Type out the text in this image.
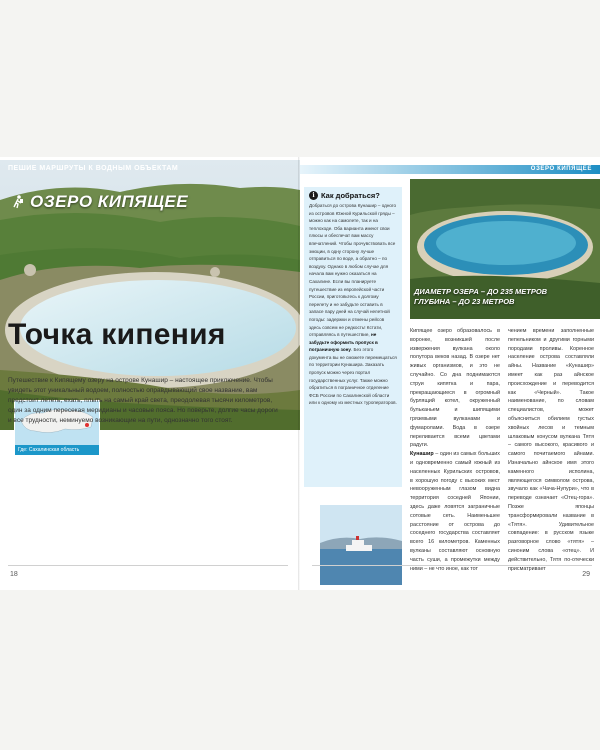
ПЕШИЕ МАРШРУТЫ К ВОДНЫМ ОБЪЕКТАМ
ОЗЕРО КИПЯЩЕЕ
Где: Сахалинская область
Точка кипения
Путешествие к Кипящему озеру на острове Кунашир – настоящее приключение. Чтобы увидеть этот уникальный водоем, полностью оправдывающий свое название, вам предстоит лететь, ехать, плыть на самый край света, преодолевая тысячи километров, один за одним пересекая меридианы и часовые пояса. Но поверьте, долгие часы дороги и все трудности, неминуемо возникающие на пути, однозначно того стоят.
18
ОЗЕРО КИПЯЩЕЕ
i Как добраться?
Добраться до острова Кунашир – одного из островов Южной Курильской гряды – можно как на самолете, так и на теплоходе. Оба варианта имеют свои плюсы и обеспечат вам массу впечатлений. Чтобы прочувствовать все эмоции, в одну сторону лучше отправиться по воде, а обратно – по воздуху. Однако в любом случае для начала вам нужно оказаться на Сахалине. Если вы планируете путешествие из европейской части России, приготовьтесь к долгому перелету и не забудьте оставить в запасе пару дней на случай нелетной погоды: задержки и отмены рейсов здесь совсем не редкость! Кстати, отправляясь в путешествие, не забудьте оформить пропуск в пограничную зону. Без этого документа вы не сможете перемещаться по территории Кунашира. Заказать пропуск можно через портал государственных услуг. Также можно обратиться в пограничное отделение ФСБ России по Сахалинской области или к одному из местных туроператоров.
ДИАМЕТР ОЗЕРА – ДО 235 МЕТРОВ
ГЛУБИНА – ДО 23 МЕТРОВ
Кипящее озеро образовалось в воронке, возникшей после извержения вулкана около полутора веков назад. В озере нет живых организмов, и это не случайно. Со дна поднимаются струи кипятка и пара, прекращающиеся в огромный бурлящий котел, окруженный бульканьем и шипящими грязевыми вулканами и фумаролами. Вода в озере переливается всеми цветами радуги.
Кунашир – один из самых больших и одновременно самый южный из населенных Курильских островов, в хорошую погоду с высоких мест невооруженным глазом видна территория соседней Японии, здесь даже ловятся заграничные сотовые сеть. Наименьшее расстояние от острова до соседнего государства составляет всего 16 километров. Каменных вулканы составляют основную часть суши, а промежутки между ними – не что иное, как тот
чением времени заполненные пепельником и другими горными породами проливы. Коренное население острова составляли айны. Название «Кунашир» имеет как раз айнское происхождение и переводится как «Черный». Такое наименование, по словам специалистов, может объясниться обилием густых хвойных лесов и темным шлаковым конусом вулкана Тятя – самого высокого, красивого и самого почитаемого айнами. Изначально айнское имя этого каменного исполина, являющегося символом острова, звучало как «Чача-Нупури», что в переводе означает «Отец-гора». Позже японцы трансформировали название в «Тятя». Удивительное совпадение: в русском языке разговорное слово «тятя» – синоним слова «отец». И действительно, Тятя по-отечески присматривает
29
